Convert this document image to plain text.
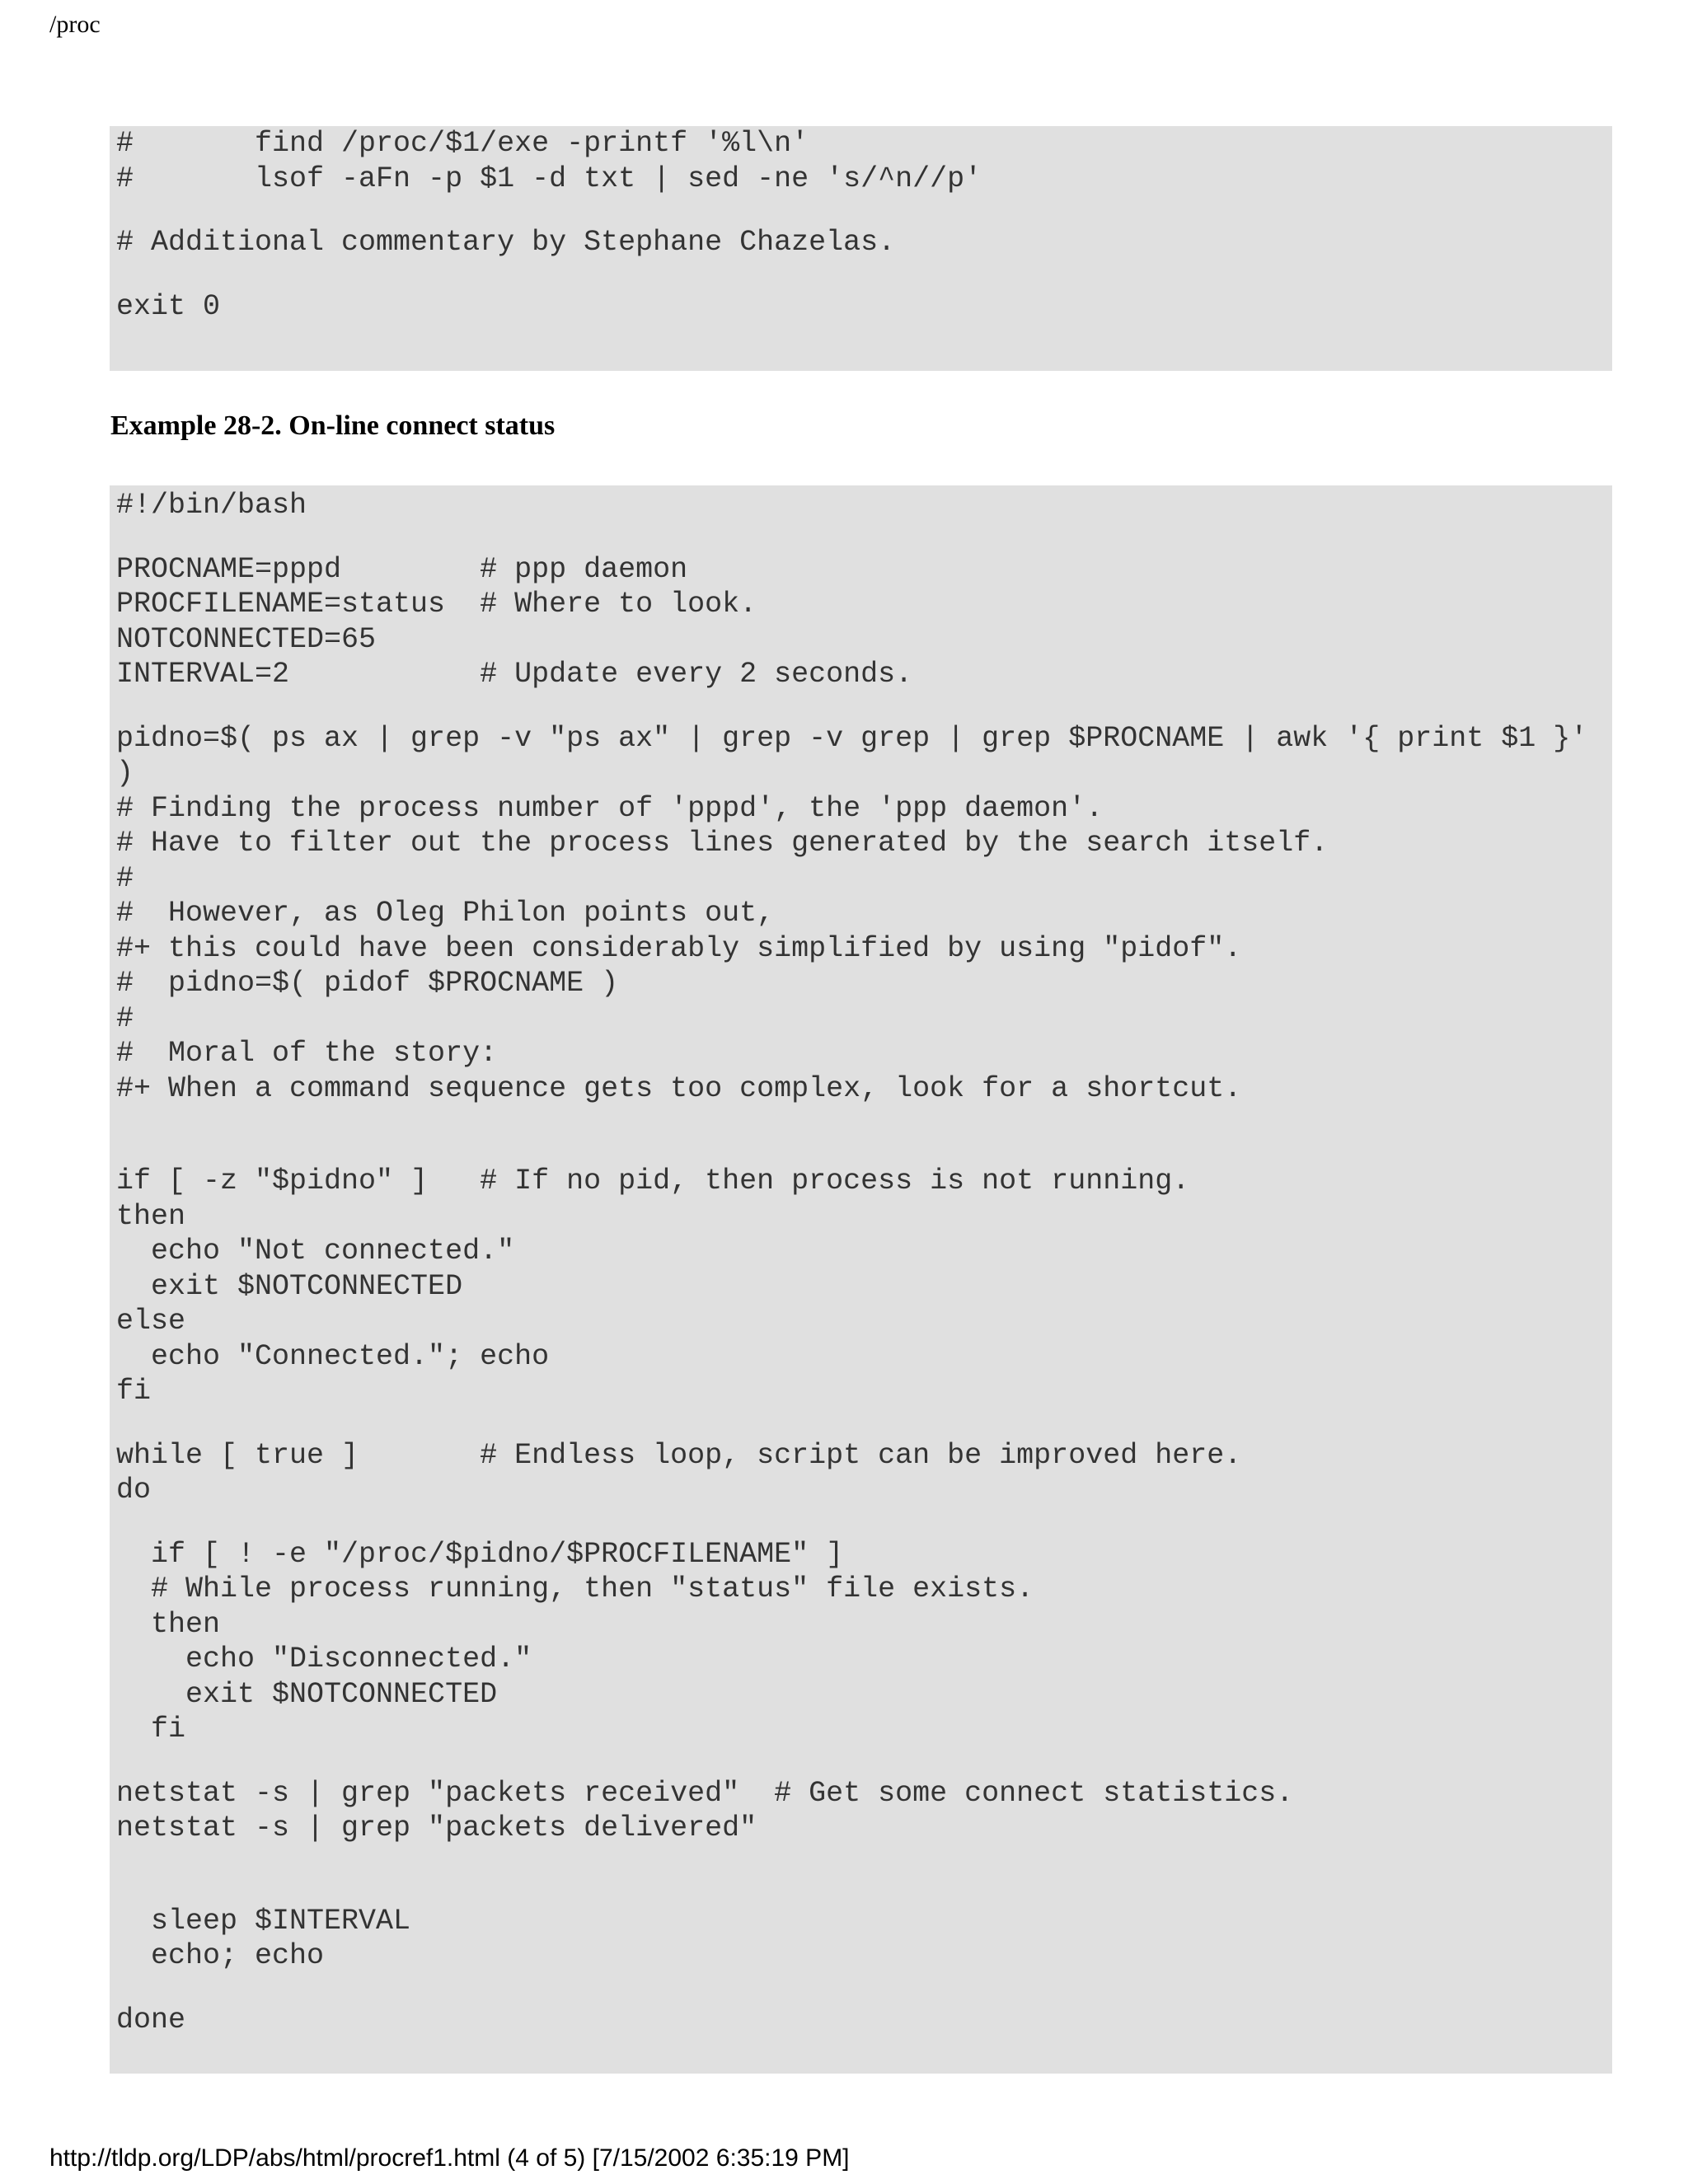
/proc
#       find /proc/$1/exe -printf '%l\n'
#       lsof -aFn -p $1 -d txt | sed -ne 's/^n//p'
# Additional commentary by Stephane Chazelas.
exit 0
Example 28-2. On-line connect status
#!/bin/bash
PROCNAME=pppd        # ppp daemon
PROCFILENAME=status  # Where to look.
NOTCONNECTED=65
INTERVAL=2           # Update every 2 seconds.
pidno=$( ps ax | grep -v "ps ax" | grep -v grep | grep $PROCNAME | awk '{ print $1 }'
)
# Finding the process number of 'pppd', the 'ppp daemon'.
# Have to filter out the process lines generated by the search itself.
#
#  However, as Oleg Philon points out,
#+ this could have been considerably simplified by using "pidof".
#  pidno=$( pidof $PROCNAME )
#
#  Moral of the story:
#+ When a command sequence gets too complex, look for a shortcut.
if [ -z "$pidno" ]   # If no pid, then process is not running.
then
echo "Not connected."
exit $NOTCONNECTED
else
echo "Connected."; echo
fi
while [ true ]       # Endless loop, script can be improved here.
do
if [ ! -e "/proc/$pidno/$PROCFILENAME" ]
# While process running, then "status" file exists.
then
echo "Disconnected."
exit $NOTCONNECTED
fi
netstat -s | grep "packets received"  # Get some connect statistics.
netstat -s | grep "packets delivered"
sleep $INTERVAL
echo; echo
done
http://tldp.org/LDP/abs/html/procref1.html (4 of 5) [7/15/2002 6:35:19 PM]
